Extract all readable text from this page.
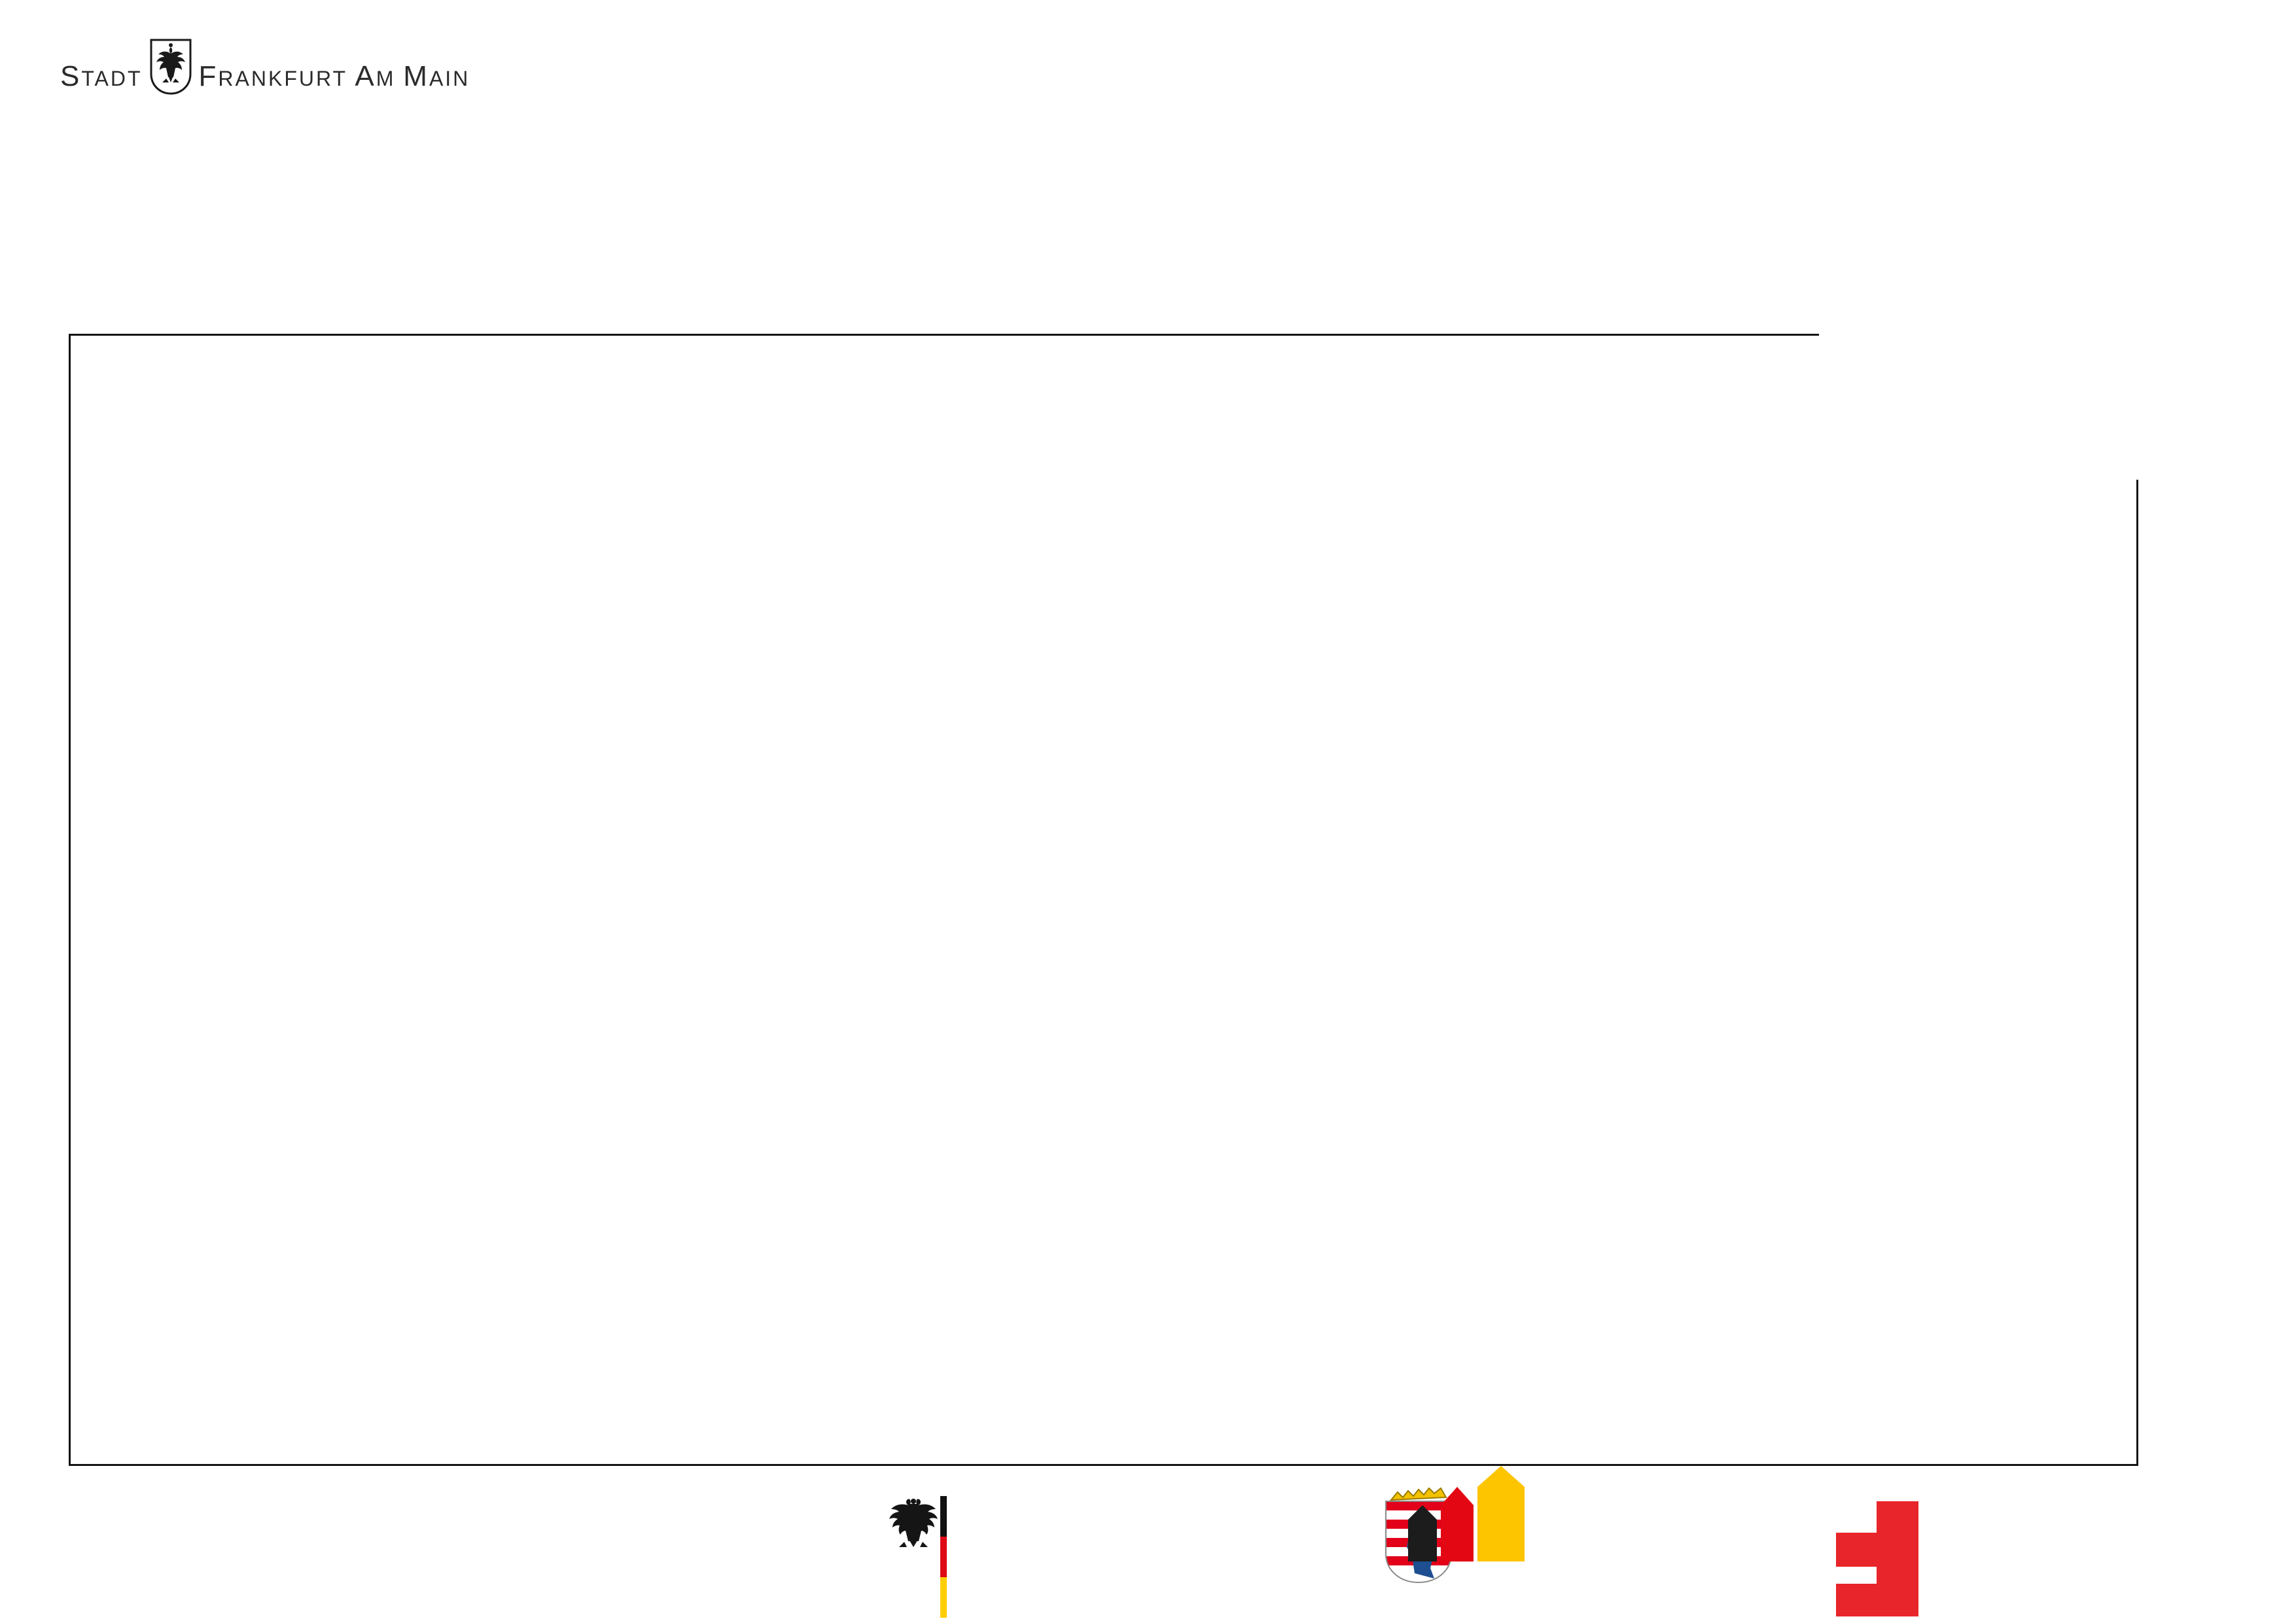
STADT FRANKFURT AM MAIN
